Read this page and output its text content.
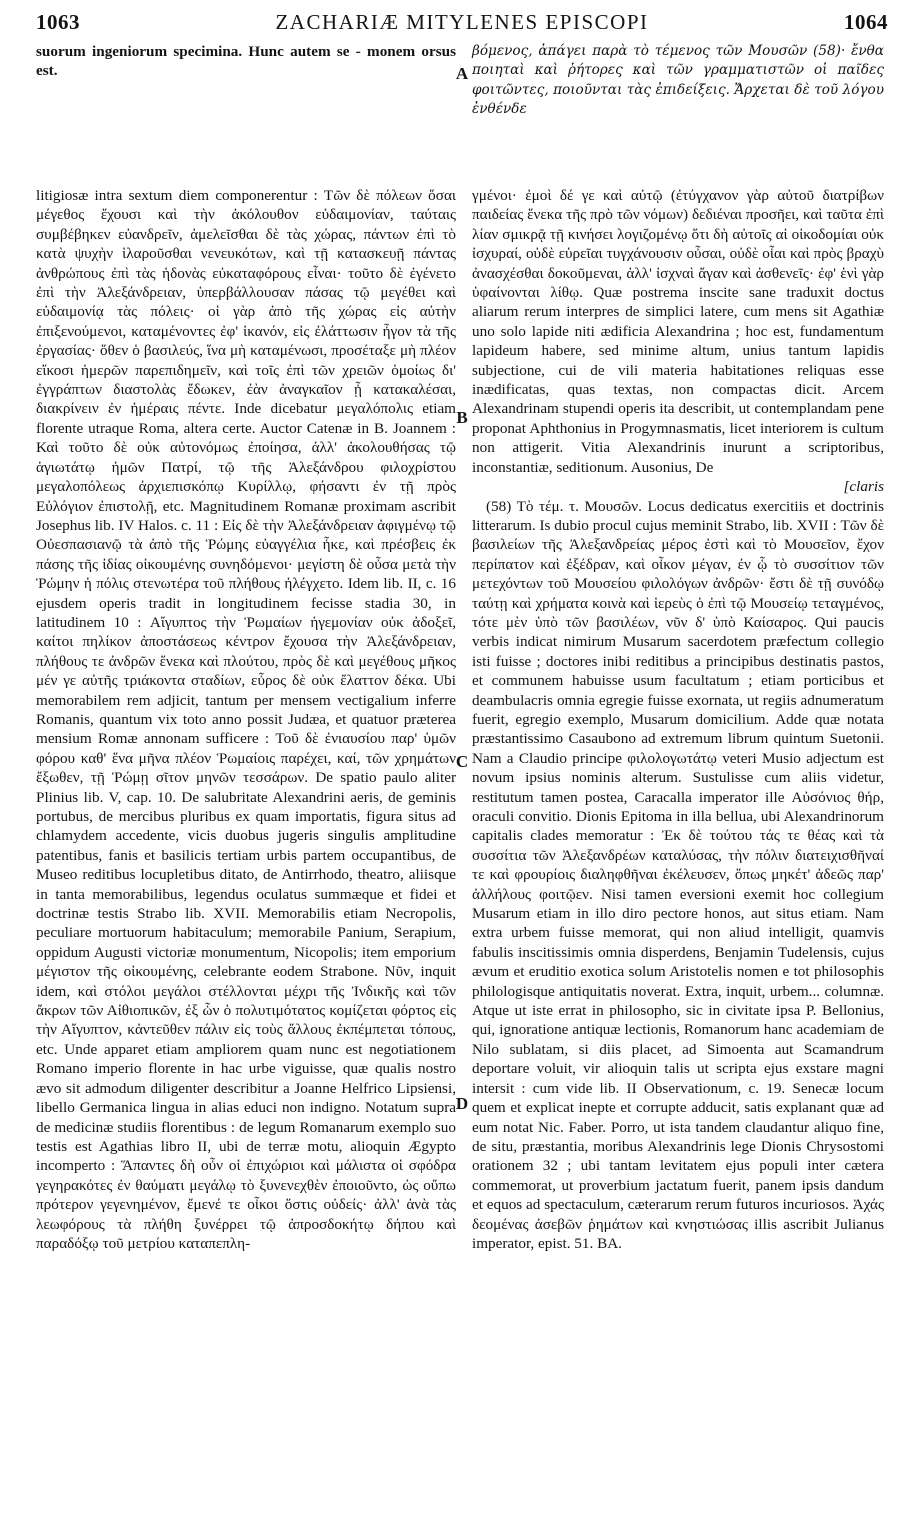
1063	ZACHARIÆ MITYLENES EPISCOPI	1064

suorum ingeniorum specimina. Hunc autem se - monem orsus est.

βόμενος, ἀπάγει παρὰ τὸ τέμενος τῶν Μουσῶν (58)· ἔνθα ποιηταὶ καὶ ῥήτορες καὶ τῶν γραμματιστῶν οἱ παῖδες φοιτῶντες, ποιοῦνται τὰς ἐπιδείξεις. Ἄρχεται δὲ τοῦ λόγου ἐνθένδε

A
B
C
D

litigiosæ intra sextum diem componerentur : Τῶν δὲ πόλεων ὅσαι μέγεθος ἔχουσι καὶ τὴν ἀκόλουθον εὐδαιμονίαν, ταύταις συμβέβηκεν εὐανδρεῖν, ἀμελεῖσθαι δὲ τὰς χώρας, πάντων ἐπὶ τὸ κατὰ ψυχὴν ἱλαροῦσθαι νενευκότων, καὶ τῇ κατασκευῇ πάντας ἀνθρώπους ἐπὶ τὰς ἡδονὰς εὐκαταφόρους εἶναι· τοῦτο δὲ ἐγένετο ἐπὶ τὴν Ἀλεξάνδρειαν, ὑπερβάλλουσαν πάσας τῷ μεγέθει καὶ εὐδαιμονίᾳ τὰς πόλεις· οἱ γὰρ ἀπὸ τῆς χώρας εἰς αὐτὴν ἐπιξενούμενοι, καταμένοντες ἐφ' ἱκανόν, εἰς ἐλάττωσιν ἦγον τὰ τῆς ἐργασίας· ὅθεν ὁ βασιλεύς, ἵνα μὴ καταμένωσι, προσέταξε μὴ πλέον εἴκοσι ἡμερῶν παρεπιδημεῖν, καὶ τοῖς ἐπὶ τῶν χρειῶν ὁμοίως δι' ἐγγράπτων διαστολὰς ἔδωκεν, ἐὰν ἀναγκαῖον ᾖ κατακαλέσαι, διακρίνειν ἐν ἡμέραις πέντε. Inde dicebatur μεγαλόπολις etiam florente utraque Roma, altera certe. Auctor Catenæ in B. Joannem : Καὶ τοῦτο δὲ οὐκ αὐτονόμως ἐποίησα, ἀλλ' ἀκολουθήσας τῷ ἁγιωτάτῳ ἡμῶν Πατρί, τῷ τῆς Ἀλεξάνδρου φιλοχρίστου μεγαλοπόλεως ἀρχιεπισκόπῳ Κυρίλλῳ, φήσαντι ἐν τῇ πρὸς Εὐλόγιον ἐπιστολῇ, etc. Magnitudinem Romanæ proximam ascribit Josephus lib. IV Halos. c. 11 : Εἰς δὲ τὴν Ἀλεξάνδρειαν ἀφιγμένῳ τῷ Οὐεσπασιανῷ τὰ ἀπὸ τῆς Ῥώμης εὐαγγέλια ἧκε, καὶ πρέσβεις ἐκ πάσης τῆς ἰδίας οἰκουμένης συνηδόμενοι· μεγίστη δὲ οὖσα μετὰ τὴν Ῥώμην ἡ πόλις στενωτέρα τοῦ πλήθους ἠλέγχετο. Idem lib. II, c. 16 ejusdem operis tradit in longitudinem fecisse stadia 30, in latitudinem 10 : Αἴγυπτος τὴν Ῥωμαίων ἡγεμονίαν οὐκ ἀδοξεῖ, καίτοι πηλίκον ἀποστάσεως κέντρον ἔχουσα τὴν Ἀλεξάνδρειαν, πλήθους τε ἀνδρῶν ἕνεκα καὶ πλούτου, πρὸς δὲ καὶ μεγέθους μῆκος μέν γε αὐτῆς τριάκοντα σταδίων, εὖρος δὲ οὐκ ἔλαττον δέκα. Ubi memorabilem rem adjicit, tantum per mensem vectigalium inferre Romanis, quantum vix toto anno possit Judæa, et quatuor præterea mensium Romæ annonam sufficere : Τοῦ δὲ ἐνιαυσίου παρ' ὑμῶν φόρου καθ' ἕνα μῆνα πλέον Ῥωμαίοις παρέχει, καί, τῶν χρημάτων ἔξωθεν, τῇ Ῥώμῃ σῖτον μηνῶν τεσσάρων. De spatio paulo aliter Plinius lib. V, cap. 10. De salubritate Alexandrini aeris, de geminis portubus, de mercibus pluribus ex quam importatis, figura situs ad chlamydem accedente, vicis duobus jugeris singulis amplitudine patentibus, fanis et basilicis tertiam urbis partem occupantibus, de Museo reditibus locupletibus ditato, de Antirrhodo, theatro, aliisque in tanta memorabilibus, legendus oculatus summæque et fidei et doctrinæ testis Strabo lib. XVII. Memorabilis etiam Necropolis, peculiare mortuorum habitaculum; memorabile Panium, Serapium, oppidum Augusti victoriæ monumentum, Nicopolis; item emporium μέγιστον τῆς οἰκουμένης, celebrante eodem Strabone. Νῦν, inquit idem, καὶ στόλοι μεγάλοι στέλλονται μέχρι τῆς Ἰνδικῆς καὶ τῶν ἄκρων τῶν Αἰθιοπικῶν, ἐξ ὧν ὁ πολυτιμότατος κομίζεται φόρτος εἰς τὴν Αἴγυπτον, κἀντεῦθεν πάλιν εἰς τοὺς ἄλλους ἐκπέμπεται τόπους, etc. Unde apparet etiam ampliorem quam nunc est negotiationem Romano imperio florente in hac urbe viguisse, quæ qualis nostro ævo sit admodum diligenter describitur a Joanne Helfrico Lipsiensi, libello Germanica lingua in alias educi non indigno. Notatum supra de medicinæ studiis florentibus : de legum Romanarum exemplo suo testis est Agathias libro II, ubi de terræ motu, alioquin Ægypto incomperto : Ἅπαντες δὴ οὖν οἱ ἐπιχώριοι καὶ μάλιστα οἱ σφόδρα γεγηρακότες ἐν θαύματι μεγάλῳ τὸ ξυνενεχθὲν ἐποιοῦντο, ὡς οὔπω πρότερον γεγενημένον, ἔμενέ τε οἶκοι ὅστις οὐδείς· ἀλλ' ἀνὰ τὰς λεωφόρους τὰ πλήθη ξυνέρρει τῷ ἀπροσδοκήτῳ δήπου καὶ παραδόξῳ τοῦ μετρίου καταπεπλη-

γμένοι· ἐμοὶ δέ γε καὶ αὐτῷ (ἐτύγχανον γὰρ αὐτοῦ διατρίβων παιδείας ἕνεκα τῆς πρὸ τῶν νόμων) δεδιέναι προσῆει, καὶ ταῦτα ἐπὶ λίαν σμικρᾷ τῇ κινήσει λογιζομένῳ ὅτι δὴ αὐτοῖς αἱ οἰκοδομίαι οὐκ ἰσχυραί, οὐδὲ εὑρεῖαι τυγχάνουσιν οὖσαι, οὐδὲ οἷαι καὶ πρὸς βραχὺ ἀνασχέσθαι δοκοῦμεναι, ἀλλ' ἰσχναὶ ἄγαν καὶ ἀσθενεῖς· ἐφ' ἑνὶ γὰρ ὑφαίνονται λίθῳ. Quæ postrema inscite sane traduxit doctus aliarum rerum interpres de simplici latere, cum mens sit Agathiæ uno solo lapide niti ædificia Alexandrina ; hoc est, fundamentum lapideum habere, sed minime altum, unius tantum lapidis subjectione, cui de vili materia habitationes reliquas esse inædificatas, quas textas, non compactas dicit. Arcem Alexandrinam stupendi operis ita describit, ut contemplandam pene proponat Aphthonius in Progymnasmatis, licet interiorem is cultum non attigerit. Vitia Alexandrinis inurunt a scriptoribus, inconstantiæ, seditionum. Ausonius, De

[claris

(58) Τὸ τέμ. τ. Μουσῶν. Locus dedicatus exercitiis et doctrinis litterarum. Is dubio procul cujus meminit Strabo, lib. XVII : Τῶν δὲ βασιλείων τῆς Ἀλεξανδρείας μέρος ἐστὶ καὶ τὸ Μουσεῖον, ἔχον περίπατον καὶ ἐξέδραν, καὶ οἶκον μέγαν, ἐν ᾧ τὸ συσσίτιον τῶν μετεχόντων τοῦ Μουσείου φιλολόγων ἀνδρῶν· ἔστι δὲ τῇ συνόδῳ ταύτῃ καὶ χρήματα κοινὰ καὶ ἱερεὺς ὁ ἐπὶ τῷ Μουσείῳ τεταγμένος, τότε μὲν ὑπὸ τῶν βασιλέων, νῦν δ' ὑπὸ Καίσαρος. Qui paucis verbis indicat nimirum Musarum sacerdotem præfectum collegio isti fuisse ; doctores inibi reditibus a principibus destinatis pastos, et communem habuisse usum facultatum ; etiam porticibus et deambulacris omnia egregie fuisse exornata, ut regiis adnumeratum fuerit, egregio exemplo, Musarum domicilium. Adde quæ notata præstantissimo Casaubono ad extremum librum quintum Suetonii. Nam a Claudio principe φιλολογωτάτῳ veteri Musio adjectum est novum ipsius nominis alterum. Sustulisse cum aliis videtur, restitutum tamen postea, Caracalla imperator ille Αὐσόνιος θήρ, oraculi convitio. Dionis Epitoma in illa bellua, ubi Alexandrinorum capitalis clades memoratur : Ἐκ δὲ τούτου τάς τε θέας καὶ τὰ συσσίτια τῶν Ἀλεξανδρέων καταλύσας, τὴν πόλιν διατειχισθῆναί τε καὶ φρουρίοις διαληφθῆναι ἐκέλευσεν, ὅπως μηκέτ' ἀδεῶς παρ' ἀλλήλους φοιτῷεν. Nisi tamen eversioni exemit hoc collegium Musarum etiam in illo diro pectore honos, aut situs etiam. Nam extra urbem fuisse memorat, qui non aliud intelligit, quamvis fabulis inscitissimis omnia disperdens, Benjamin Tudelensis, cujus ævum et eruditio exotica solum Aristotelis nomen e tot philosophis philologisque antiquitatis noverat. Extra, inquit, urbem... columnæ. Atque ut iste errat in philosopho, sic in civitate ipsa P. Bellonius, qui, ignoratione antiquæ lectionis, Romanorum hanc academiam de Nilo sublatam, si diis placet, ad Simoenta aut Scamandrum deportare voluit, vir alioquin talis ut scripta ejus exstare magni intersit : cum vide lib. II Observationum, c. 19. Senecæ locum quem et explicat inepte et corrupte adducit, satis explanant quæ ad eum notat Nic. Faber. Porro, ut ista tandem claudantur aliquo fine, de situ, præstantia, moribus Alexandrinis lege Dionis Chrysostomi orationem 32 ; ubi tantam levitatem ejus populi inter cætera commemorat, ut proverbium jactatum fuerit, panem ipsis dandum et equos ad spectaculum, cæterarum rerum futuros incuriosos. Ἀχάς δεομένας ἀσεβῶν ῥημάτων καὶ κνηστιώσας illis ascribit Julianus imperator, epist. 51. BA.
